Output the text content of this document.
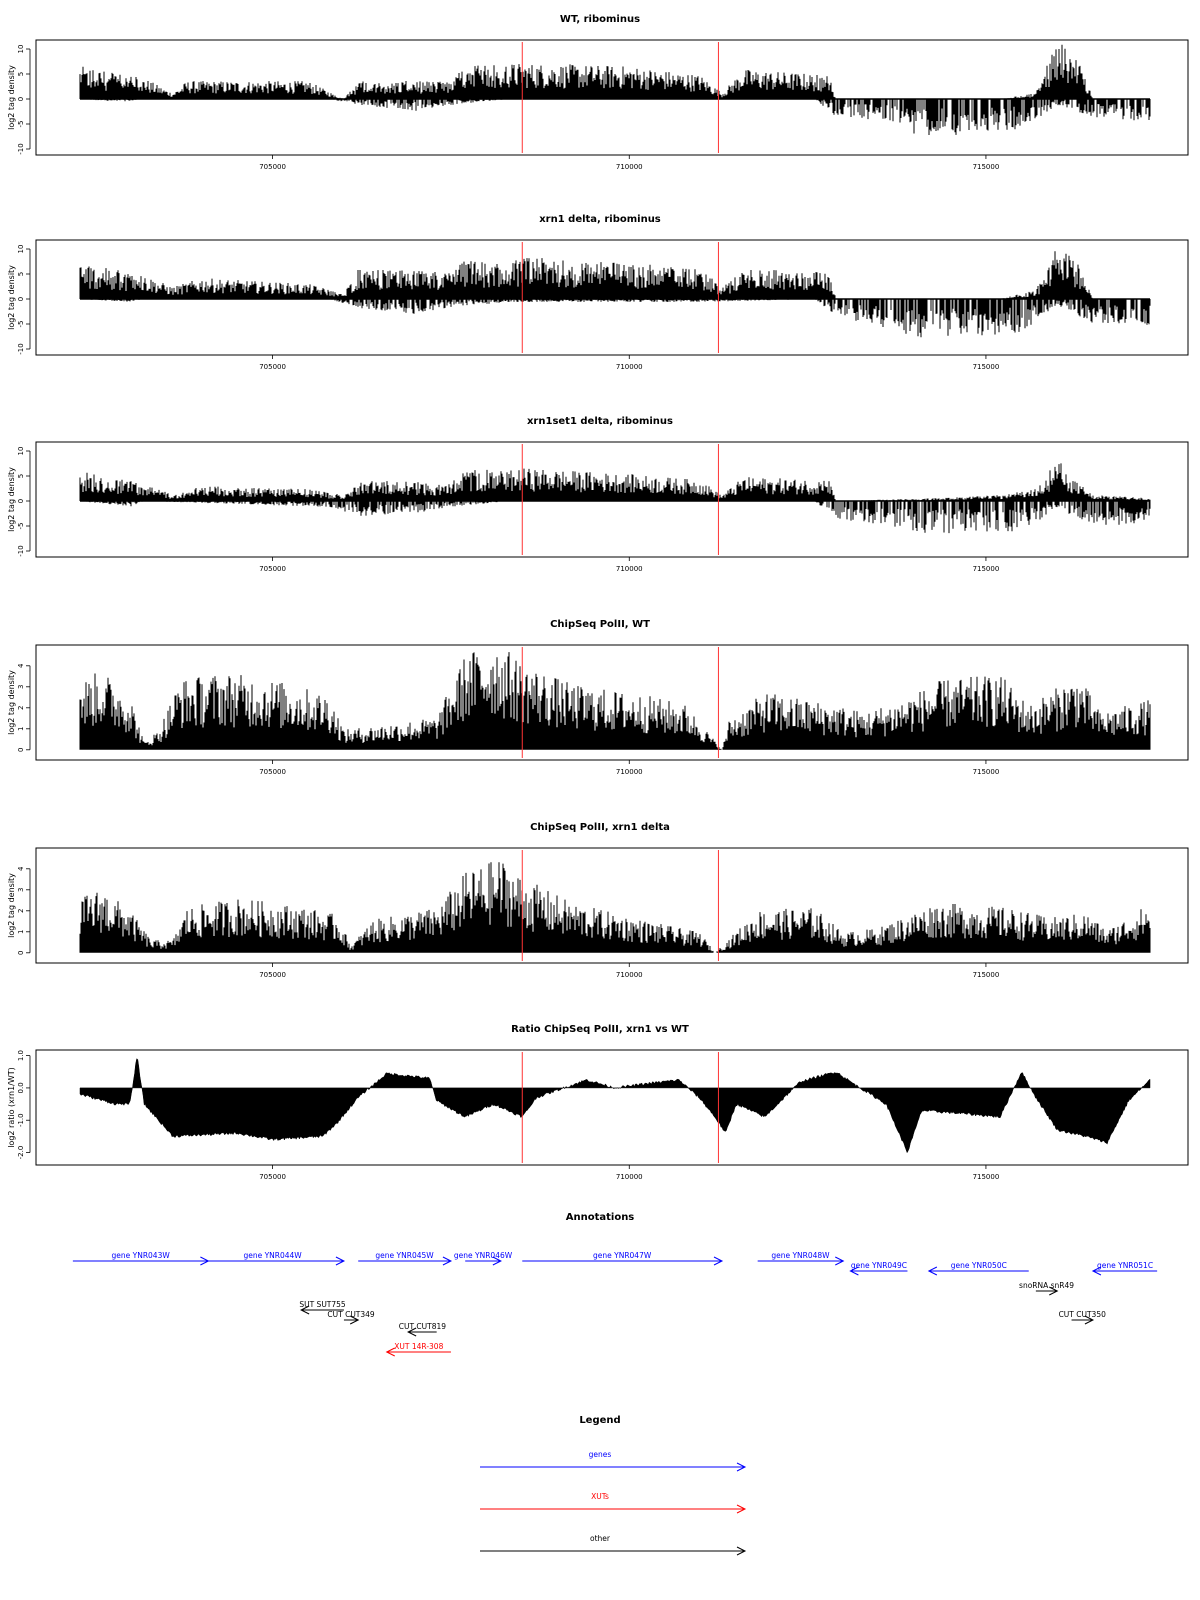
WT, ribominus
log2 tag density
10
5
0
-5
-10
705000	710000	715000
xrn1 delta, ribominus
log2 tag density
10
5
0
-5
-10
705000	710000	715000
xrn1set1 delta, ribominus
log2 tag density
10
5
0
-5
-10
705000	710000	715000
ChipSeq PolII, WT
log2 tag density
0
1
2
3
4
705000	710000	715000
ChipSeq PolII, xrn1 delta
log2 tag density
0
1
2
3
4
705000	710000	715000
Ratio ChipSeq PolII, xrn1 vs WT
log2 ratio (xrn1/WT)
1.0
0.0
-1.0
-2.0
705000	710000	715000
Annotations
gene YNR043W	gene YNR044W	gene YNR045W	gene YNR046W	gene YNR047W	gene YNR048W
gene YNR049C	gene YNR050C	gene YNR051C
SUT SUT755
CUT CUT349
CUT CUT819
snoRNA snR49
CUT CUT350
XUT 14R-308
Legend
genes
XUTs
other
